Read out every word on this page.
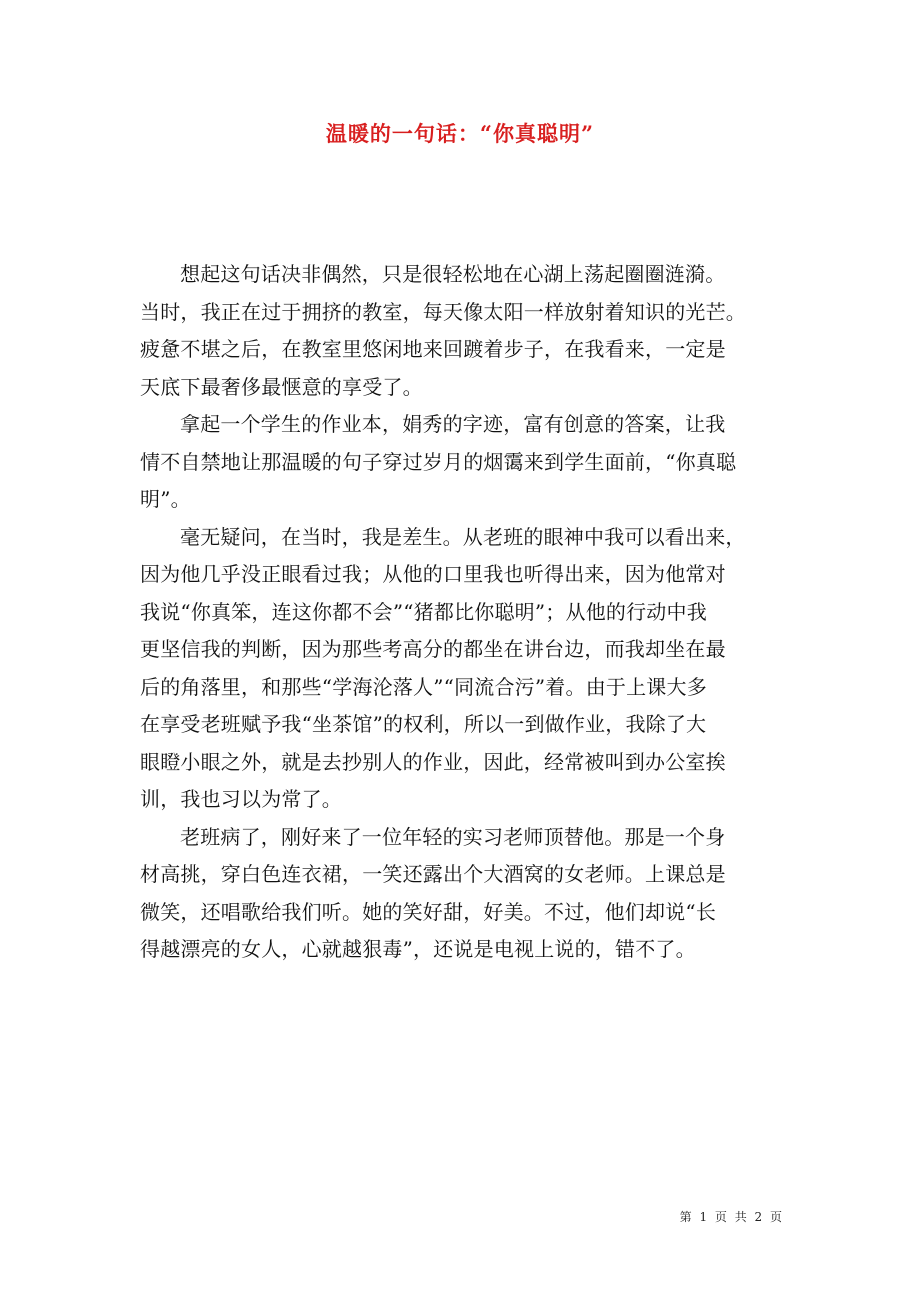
温暖的一句话：“你真聪明”
想起这句话决非偶然，只是很轻松地在心湖上荡起圈圈涟漪。
当时，我正在过于拥挤的教室，每天像太阳一样放射着知识的光芒。
疲惫不堪之后，在教室里悠闲地来回踱着步子，在我看来，一定是
天底下最奢侈最惬意的享受了。
拿起一个学生的作业本，娟秀的字迹，富有创意的答案，让我
情不自禁地让那温暖的句子穿过岁月的烟霭来到学生面前，“你真聪
明”。
毫无疑问，在当时，我是差生。从老班的眼神中我可以看出来，
因为他几乎没正眼看过我；从他的口里我也听得出来，因为他常对
我说“你真笨，连这你都不会”“猪都比你聪明”；从他的行动中我
更坚信我的判断，因为那些考高分的都坐在讲台边，而我却坐在最
后的角落里，和那些“学海沦落人”“同流合污”着。由于上课大多
在享受老班赋予我“坐茶馆”的权利，所以一到做作业，我除了大
眼瞪小眼之外，就是去抄别人的作业，因此，经常被叫到办公室挨
训，我也习以为常了。
老班病了，刚好来了一位年轻的实习老师顶替他。那是一个身
材高挑，穿白色连衣裙，一笑还露出个大酒窝的女老师。上课总是
微笑，还唱歌给我们听。她的笑好甜，好美。不过，他们却说“长
得越漂亮的女人，心就越狠毒”，还说是电视上说的，错不了。
第 1 页 共 2 页
